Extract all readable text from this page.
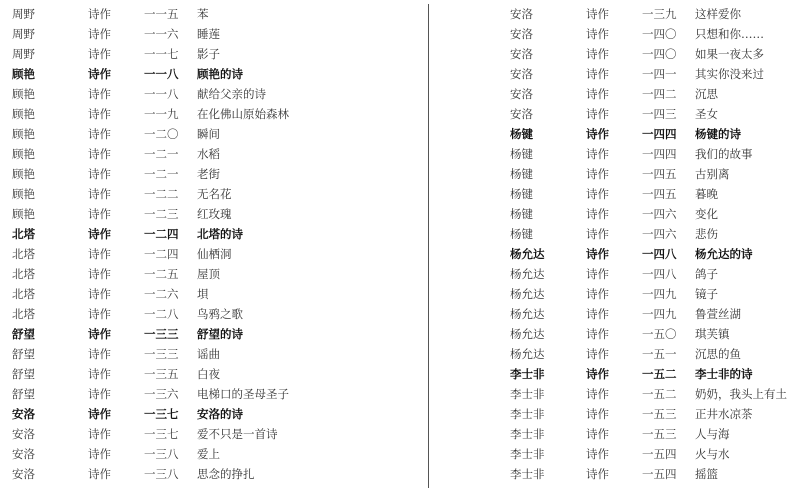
周野	诗作	一一五 苯
周野	诗作	一一六 睡莲
周野	诗作	一一七 影子
顾艳	诗作	一一八 顾艳的诗
顾艳	诗作	一一八 献给父亲的诗
顾艳	诗作	一一九 在化佛山原始森林
顾艳	诗作	一二〇 瞬间
顾艳	诗作	一二一 水稻
顾艳	诗作	一二一 老街
顾艳	诗作	一二二 无名花
顾艳	诗作	一二三 红玫瑰
北塔	诗作	一二四 北塔的诗
北塔	诗作	一二四 仙栖洞
北塔	诗作	一二五 屋顶
北塔	诗作	一二六 垻
北塔	诗作	一二八 鸟鸦之歌
舒望	诗作	一三三 舒望的诗
舒望	诗作	一三三 谣曲
舒望	诗作	一三五 白夜
舒望	诗作	一三六 电梯口的圣母圣子
安洛	诗作	一三七 安洛的诗
安洛	诗作	一三七 爱不只是一首诗
安洛	诗作	一三八 爱上
安洛	诗作	一三八 思念的挣扎
安洛	诗作	一三九 这样爱你
安洛	诗作	一四〇 只想和你……
安洛	诗作	一四〇 如果一夜太多
安洛	诗作	一四一 其实你没来过
安洛	诗作	一四二 沉思
安洛	诗作	一四三 圣女
杨键	诗作	一四四 杨键的诗
杨键	诗作	一四四 我们的故事
杨键	诗作	一四五 古别离
杨键	诗作	一四五 暮晚
杨键	诗作	一四六 变化
杨键	诗作	一四六 悲伤
杨允达	诗作	一四八 杨允达的诗
杨允达	诗作	一四八 鸽子
杨允达	诗作	一四九 镜子
杨允达	诗作	一四九 鲁萱丝湖
杨允达	诗作	一五〇 琪芙镇
杨允达	诗作	一五一 沉思的鱼
李士非	诗作	一五二 李士非的诗
李士非	诗作	一五二 奶奶，我头上有土
李士非	诗作	一五三 正井水凉茶
李士非	诗作	一五三 人与海
李士非	诗作	一五四 火与水
李士非	诗作	一五四 摇篮
